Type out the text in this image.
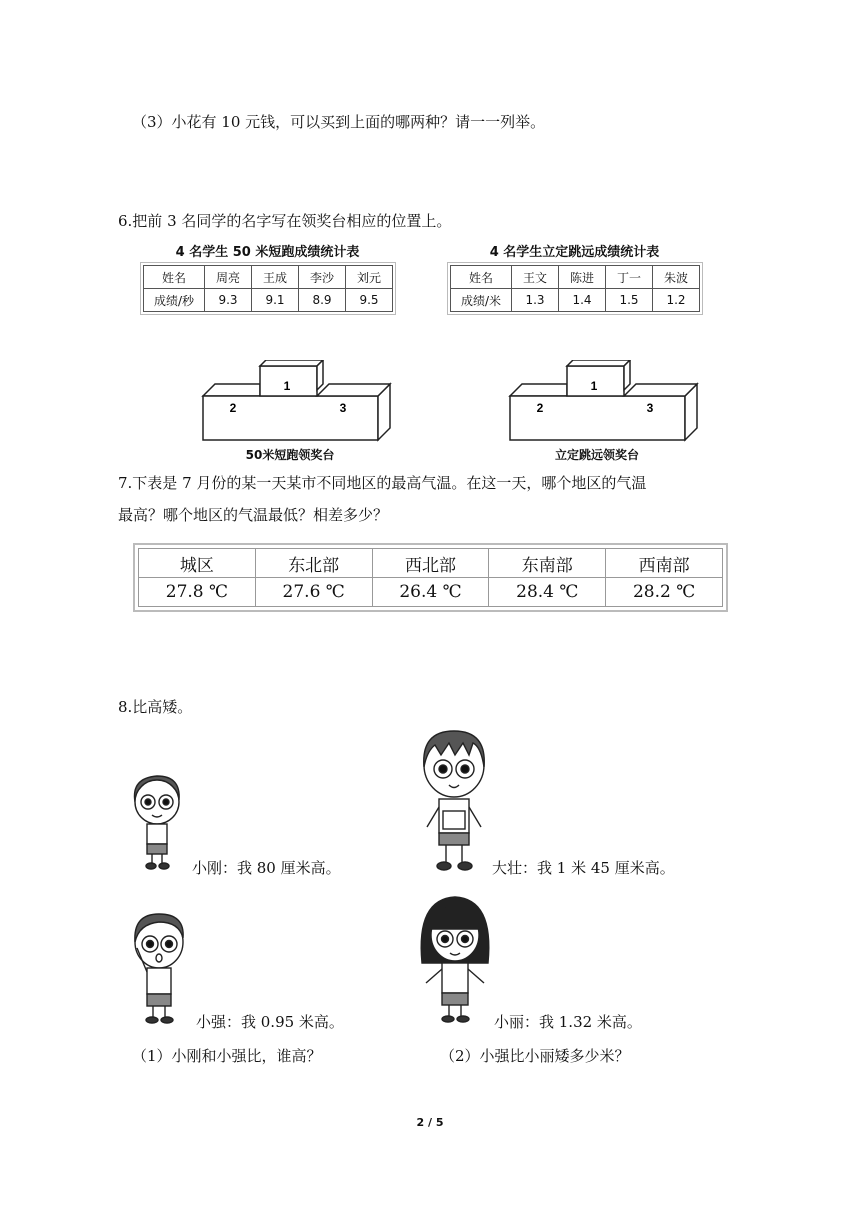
（3）小花有 10 元钱，可以买到上面的哪两种？请一一列举。
6.把前 3 名同学的名字写在领奖台相应的位置上。
4 名学生 50 米短跑成绩统计表
姓名	周亮	王成	李沙	刘元
成绩/秒	9.3	9.1	8.9	9.5
4 名学生立定跳远成绩统计表
姓名	王文	陈进	丁一	朱波
成绩/米	1.3	1.4	1.5	1.2
1
2	3
50米短跑领奖台
1
2	3
立定跳远领奖台
7.下表是 7 月份的某一天某市不同地区的最高气温。在这一天，哪个地区的气温
最高？哪个地区的气温最低？相差多少？
城区	东北部	西北部	东南部	西南部
27.8 ℃	27.6 ℃	26.4 ℃	28.4 ℃	28.2 ℃
8.比高矮。
小刚：我 80 厘米高。	大壮：我 1 米 45 厘米高。
小强：我 0.95 米高。	小丽：我 1.32 米高。
（1）小刚和小强比，谁高？	（2）小强比小丽矮多少米？
2 / 5
